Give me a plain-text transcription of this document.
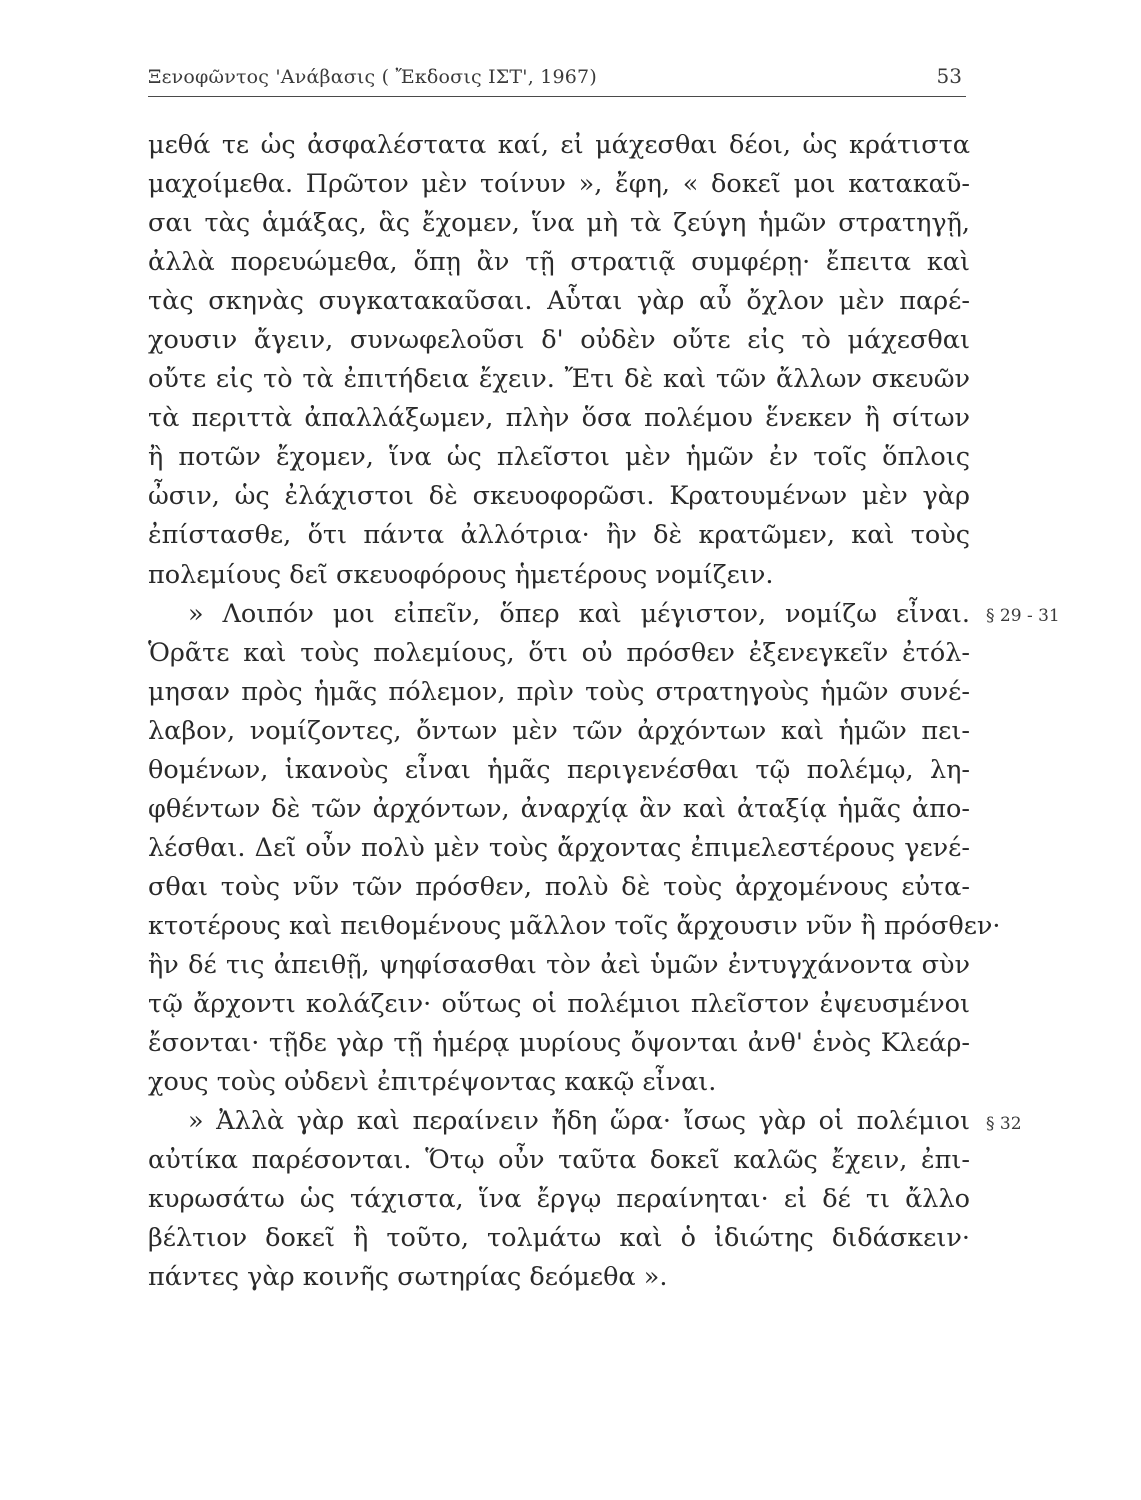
Ξενοφῶντος 'Ανάβασις ( Ἔκδοσις ΙΣΤ', 1967)	53
μεθά τε ὡς ἀσφαλέστατα καί, εἰ μάχεσθαι δέοι, ὡς κράτιστα
μαχοίμεθα. Πρῶτον μὲν τοίνυν », ἔφη, « δοκεῖ μοι κατακαῦ-
σαι τὰς ἁμάξας, ἃς ἔχομεν, ἵνα μὴ τὰ ζεύγη ἡμῶν στρατηγῇ,
ἀλλὰ πορευώμεθα, ὅπῃ ἂν τῇ στρατιᾷ συμφέρῃ· ἔπειτα καὶ
τὰς σκηνὰς συγκατακαῦσαι. Αὗται γὰρ αὖ ὄχλον μὲν παρέ-
χουσιν ἄγειν, συνωφελοῦσι δ' οὐδὲν οὔτε εἰς τὸ μάχεσθαι
οὔτε εἰς τὸ τὰ ἐπιτήδεια ἔχειν. Ἔτι δὲ καὶ τῶν ἄλλων σκευῶν
τὰ περιττὰ ἀπαλλάξωμεν, πλὴν ὅσα πολέμου ἕνεκεν ἢ σίτων
ἢ ποτῶν ἔχομεν, ἵνα ὡς πλεῖστοι μὲν ἡμῶν ἐν τοῖς ὅπλοις
ὦσιν, ὡς ἐλάχιστοι δὲ σκευοφορῶσι. Κρατουμένων μὲν γὰρ
ἐπίστασθε, ὅτι πάντα ἀλλότρια· ἢν δὲ κρατῶμεν, καὶ τοὺς
πολεμίους δεῖ σκευοφόρους ἡμετέρους νομίζειν.
» Λοιπόν μοι εἰπεῖν, ὅπερ καὶ μέγιστον, νομίζω εἶναι.
Ὁρᾶτε καὶ τοὺς πολεμίους, ὅτι οὐ πρόσθεν ἐξενεγκεῖν ἐτόλ-
μησαν πρὸς ἡμᾶς πόλεμον, πρὶν τοὺς στρατηγοὺς ἡμῶν συνέ-
λαβον, νομίζοντες, ὄντων μὲν τῶν ἀρχόντων καὶ ἡμῶν πει-
θομένων, ἱκανοὺς εἶναι ἡμᾶς περιγενέσθαι τῷ πολέμῳ, λη-
φθέντων δὲ τῶν ἀρχόντων, ἀναρχίᾳ ἂν καὶ ἀταξίᾳ ἡμᾶς ἀπο-
λέσθαι. Δεῖ οὖν πολὺ μὲν τοὺς ἄρχοντας ἐπιμελεστέρους γενέ-
σθαι τοὺς νῦν τῶν πρόσθεν, πολὺ δὲ τοὺς ἀρχομένους εὐτα-
κτοτέρους καὶ πειθομένους μᾶλλον τοῖς ἄρχουσιν νῦν ἢ πρόσθεν·
ἢν δέ τις ἀπειθῇ, ψηφίσασθαι τὸν ἀεὶ ὑμῶν ἐντυγχάνοντα σὺν
τῷ ἄρχοντι κολάζειν· οὕτως οἱ πολέμιοι πλεῖστον ἐψευσμένοι
ἔσονται· τῇδε γὰρ τῇ ἡμέρᾳ μυρίους ὄψονται ἀνθ' ἑνὸς Κλεάρ-
χους τοὺς οὐδενὶ ἐπιτρέψοντας κακῷ εἶναι.
» Ἀλλὰ γὰρ καὶ περαίνειν ἤδη ὥρα· ἴσως γὰρ οἱ πολέμιοι
αὐτίκα παρέσονται. Ὅτῳ οὖν ταῦτα δοκεῖ καλῶς ἔχειν, ἐπι-
κυρωσάτω ὡς τάχιστα, ἵνα ἔργῳ περαίνηται· εἰ δέ τι ἄλλο
βέλτιον δοκεῖ ἢ τοῦτο, τολμάτω καὶ ὁ ἰδιώτης διδάσκειν·
πάντες γὰρ κοινῆς σωτηρίας δεόμεθα ».
§ 29 - 31
§ 32
